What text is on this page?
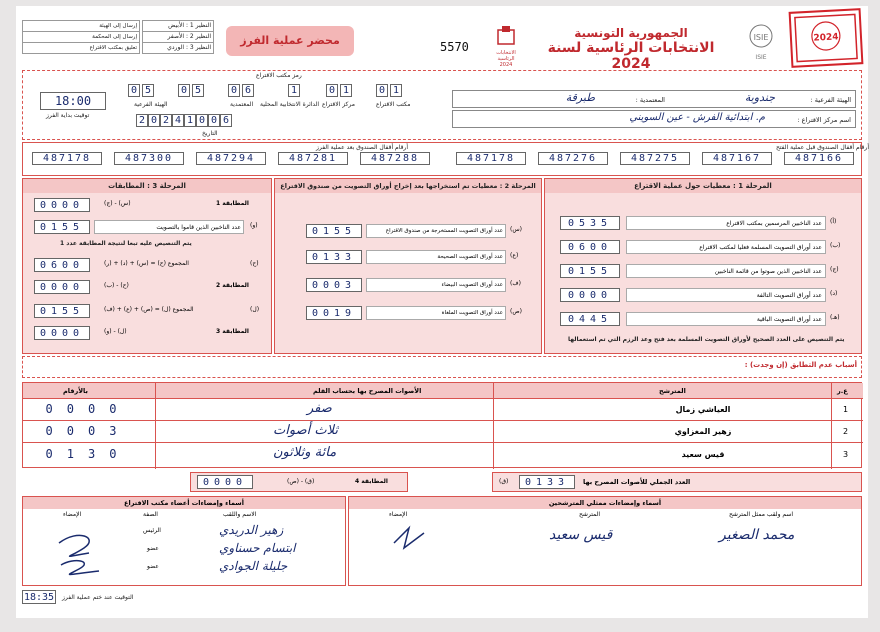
النظير 1 : الأبيض
النظير 2 : الأصفر
النظير 3 : الوردي
إرسال إلى الهيئة
إرسال إلى المحكمة
تعليق بمكتب الاقتراع
محضر عملية الفرز	5570	الانتخابات الرئاسية 2024
الجمهورية التونسية
الانتخابات الرئاسية لسنة 2024
ISIE
ISIE
2024
رمز مكتب الاقتراع
0 5	0 5	0 6	1	0 1	0 1
مكتب الاقتراع
مركز الاقتراع
الدائرة الانتخابية المحلية
المعتمدية
الهيئة الفرعية
2 0 2 4 1 0 0 6
التاريخ
18:00
توقيت بداية الفرز
الهيئة الفرعية :
جندوبة
المعتمدية :
طبرقة
اسم مركز الاقتراع :
م. ابتدائية الفرش - عين السويني
أرقام أقفال الصندوق بعد عملية الفرز	أرقام أقفال الصندوق قبل عملية الفتح
487178	487300	487294	487281	487288	487178	487276	487275	487167	487166
المرحلة 1 : معطيات حول عملية الاقتراع
0535	عدد الناخبين المرسمين بمكتب الاقتراع	(أ)
0600	عدد أوراق التصويت المسلمة فعليا لمكتب الاقتراع	(ب)
0155	عدد الناخبين الذين صوتوا من قائمة الناخبين	(ج)
0000	عدد أوراق التصويت التالفة	(د)
0445	عدد أوراق التصويت الباقية	(هـ)
يتم التنصيص على العدد الصحيح لأوراق التصويت المسلمة بعد فتح وعد الرزم التي تم استعمالها
المرحلة 2 : معطيات تم استخراجها بعد إخراج أوراق التصويت من صندوق الاقتراع
0155	عدد أوراق التصويت المستخرجة من صندوق الاقتراع	(س)
0133	عدد أوراق التصويت الصحيحة	(ع)
0003	عدد أوراق التصويت البيضاء	(ف)
0019	عدد أوراق التصويت الملغاة	(ص)
المرحلة 3 : المطابقات
0000	(ج) - (س)	المطابقة 1
0155	عدد الناخبين الذين قاموا بالتصويت	(و)
يتم التنصيص عليه تبعا لنتيجة المطابقة عدد 1
0600	المجموع (ح) = (س) + (د) + (ر)	(ح)
0000	(ب) - (ح)	المطابقة 2
0155	المجموع (ل) = (ص) + (ع) + (ف)	(ل)
0000	(و) - (ل)	المطابقة 3
أسباب عدم التطابق (إن وجدت) :
بالأرقام	الأصوات المصرح بها بحساب القلم	المترشح	ع.ر
0000	صفر	العياشي زمال	1
0003	ثلاث أصوات	زهير المغزاوي	2
0130	مائة وثلاثون	قيس سعيد	3
0133	العدد الجملي للأصوات المصرح بها
(ق)
0000	(ص) - (ق)	المطابقة 4
أسماء وإمضاءات أعضاء مكتب الاقتراع
الاسم واللقب
الصفة
الإمضاء
زهير الدريدي
الرئيس
ابتسام حسناوي
عضو
جليلة الجوادي
عضو
أسماء وإمضاءات ممثلي المترشحين
اسم ولقب ممثل المترشح
المترشح
الإمضاء
محمد الصغير
قيس سعيد
18:35	التوقيت عند ختم عملية الفرز
